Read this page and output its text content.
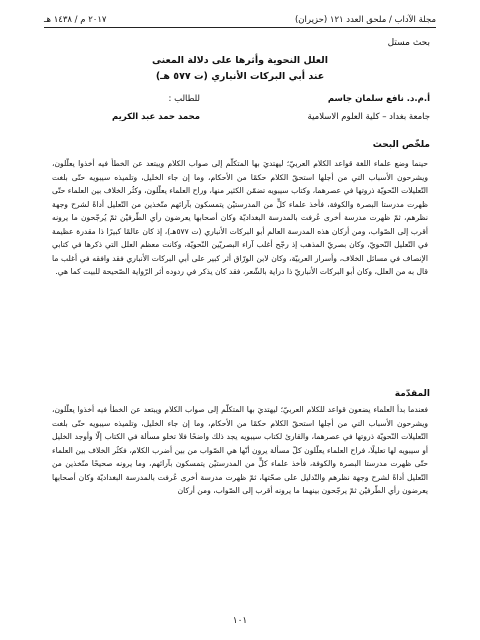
مجلة الآداب / ملحق العدد ١٢١ (حزيران)
٢٠١٧ م / ١٤٣٨ هـ
بحث مستل
العلل النحوية وأثرها على دلالة المعنى
عند أبي البركات الأنباري (ت ٥٧٧ هـ)
أ.م.د. نافع سلمان جاسم
للطالب :
جامعة بغداد – كلية العلوم الاسلامية
محمد حمد عبد الكريم
ملخّص البحث
حينما وضع علماء اللغة قواعد الكلام العربيّ؛ ليهتديَ بها المتكلّم إلى صواب الكلام ويبتعد عن الخطأ فيه أخذوا يعلّلون، ويشرحون الأسباب التي من أجلها استحقّ الكلام حكمًا من الأحكام، وما إن جاء الخليل، وتلميذه سيبويه حتّى بلغت التّعليلات النّحويّة ذروتها في عصرهما، وكتاب سيبويه تضمّن الكثير منها، وراح العلماء يعلّلون، وكثُر الخلاف بين العلماء حتّى ظهرت مدرستا البصرة والكوفة، فأخذ علماء كلٍّ من المدرستيْن يتمسكون بآرائهم متّخذين من التّعليل أداةً لشرح وجهة نظرهم، ثمّ ظهرت مدرسة أخرى عُرفت بالمدرسة البغداديّة وكان أصحابها يعرضون رأي الطّرفيْن ثمّ يُرجّحون ما يرونه أقرب إلى الصّواب، ومن أركان هذه المدرسة العالم أبو البركات الأنباري (ت ٥٧٧هـ)، إذ كان عالمًا كبيرًا ذا مقدرة عظيمة في التّعليل النّحويّ، وكان بصريّ المذهب إذ رجّح أغلب آراء البصريّين النّحويّة، وكانت معظم العلل التي ذكرها في كتابي الإنصاف في مسائل الخلاف، وأسرار العربيّة، وكان لابن الورّاق أثر كبير على أبي البركات الأنباري فقد وافقه في أغلب ما قال به من العلل، وكان أبو البركات الأنباريّ ذا دراية بالشّعر، فقد كان يذكر في ردوده أثر الرّواية الصّحيحة للبيت كما هي.
المقدّمة
فعندما بدأ العلماء يضعون قواعد للكلام العربيّ؛ ليهتديَ بها المتكلّم إلى صواب الكلام ويبتعد عن الخطأ فيه أخذوا يعلّلون، ويشرحون الأسباب التي من أجلها استحقّ الكلام حكمًا من الأحكام، وما إن جاء الخليل، وتلميذه سيبويه حتّى بلغت التّعليلات النّحويّة ذروتها في عصرهما، والقارئ لكتاب سيبويه يجد ذلك واضحًا فلا تخلو مسألة في الكتاب إلّا وأوجد الخليل أو سيبويه لها تعليلًا، فراح العلماء يعلّلون كلّ مسألة يرون أنّها هي الصّواب من بين أضرب الكلام، فكثُر الخلاف بين العلماء حتّى ظهرت مدرستا البصرة والكوفة، فأخذ علماء كلٍّ من المدرستيْن يتمسكون بآرائهم، وما يرونه صحيحًا متّخذين من التّعليل أداةً لشرح وجهة نظرهم والتّدليل على صحّتها، ثمّ ظهرت مدرسة أخرى عُرفت بالمدرسة البغداديّة وكان أصحابها يعرضون رأي الطّرفيْن ثمّ يرجّحون بينهما ما يرونه أقرب إلى الصّواب، ومن أركان
١٠١
